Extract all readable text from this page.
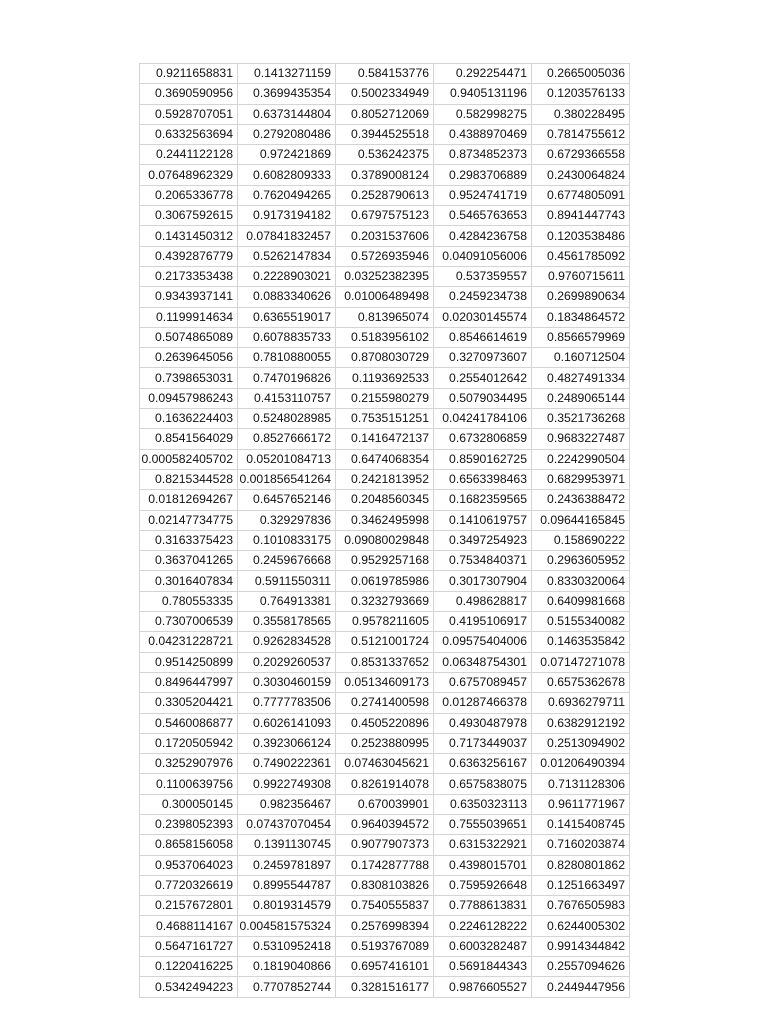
0.9211658831	0.1413271159	0.584153776	0.292254471	0.2665005036
0.3690590956	0.3699435354	0.5002334949	0.9405131196	0.1203576133
0.5928707051	0.6373144804	0.8052712069	0.582998275	0.380228495
0.6332563694	0.2792080486	0.3944525518	0.4388970469	0.7814755612
0.2441122128	0.972421869	0.536242375	0.8734852373	0.6729366558
0.07648962329	0.6082809333	0.3789008124	0.2983706889	0.2430064824
0.2065336778	0.7620494265	0.2528790613	0.9524741719	0.6774805091
0.3067592615	0.9173194182	0.6797575123	0.5465763653	0.8941447743
0.1431450312	0.07841832457	0.2031537606	0.4284236758	0.1203538486
0.4392876779	0.5262147834	0.5726935946	0.04091056006	0.4561785092
0.2173353438	0.2228903021	0.03252382395	0.537359557	0.9760715611
0.9343937141	0.0883340626	0.01006489498	0.2459234738	0.2699890634
0.1199914634	0.6365519017	0.813965074	0.02030145574	0.1834864572
0.5074865089	0.6078835733	0.5183956102	0.8546614619	0.8566579969
0.2639645056	0.7810880055	0.8708030729	0.3270973607	0.160712504
0.7398653031	0.7470196826	0.1193692533	0.2554012642	0.4827491334
0.09457986243	0.4153110757	0.2155980279	0.5079034495	0.2489065144
0.1636224403	0.5248028985	0.7535151251	0.04241784106	0.3521736268
0.8541564029	0.8527666172	0.1416472137	0.6732806859	0.9683227487
0.000582405702	0.05201084713	0.6474068354	0.8590162725	0.2242990504
0.8215344528	0.001856541264	0.2421813952	0.6563398463	0.6829953971
0.01812694267	0.6457652146	0.2048560345	0.1682359565	0.2436388472
0.02147734775	0.329297836	0.3462495998	0.1410619757	0.09644165845
0.3163375423	0.1010833175	0.09080029848	0.3497254923	0.158690222
0.3637041265	0.2459676668	0.9529257168	0.7534840371	0.2963605952
0.3016407834	0.5911550311	0.0619785986	0.3017307904	0.8330320064
0.780553335	0.764913381	0.3232793669	0.498628817	0.6409981668
0.7307006539	0.3558178565	0.9578211605	0.4195106917	0.5155340082
0.04231228721	0.9262834528	0.5121001724	0.09575404006	0.1463535842
0.9514250899	0.2029260537	0.8531337652	0.06348754301	0.07147271078
0.8496447997	0.3030460159	0.05134609173	0.6757089457	0.6575362678
0.3305204421	0.7777783506	0.2741400598	0.01287466378	0.6936279711
0.5460086877	0.6026141093	0.4505220896	0.4930487978	0.6382912192
0.1720505942	0.3923066124	0.2523880995	0.7173449037	0.2513094902
0.3252907976	0.7490222361	0.07463045621	0.6363256167	0.01206490394
0.1100639756	0.9922749308	0.8261914078	0.6575838075	0.7131128306
0.300050145	0.982356467	0.670039901	0.6350323113	0.9611771967
0.2398052393	0.07437070454	0.9640394572	0.7555039651	0.1415408745
0.8658156058	0.1391130745	0.9077907373	0.6315322921	0.7160203874
0.9537064023	0.2459781897	0.1742877788	0.4398015701	0.8280801862
0.7720326619	0.8995544787	0.8308103826	0.7595926648	0.1251663497
0.2157672801	0.8019314579	0.7540555837	0.7788613831	0.7676505983
0.4688114167	0.004581575324	0.2576998394	0.2246128222	0.6244005302
0.5647161727	0.5310952418	0.5193767089	0.6003282487	0.9914344842
0.1220416225	0.1819040866	0.6957416101	0.5691844343	0.2557094626
0.5342494223	0.7707852744	0.3281516177	0.9876605527	0.2449447956
